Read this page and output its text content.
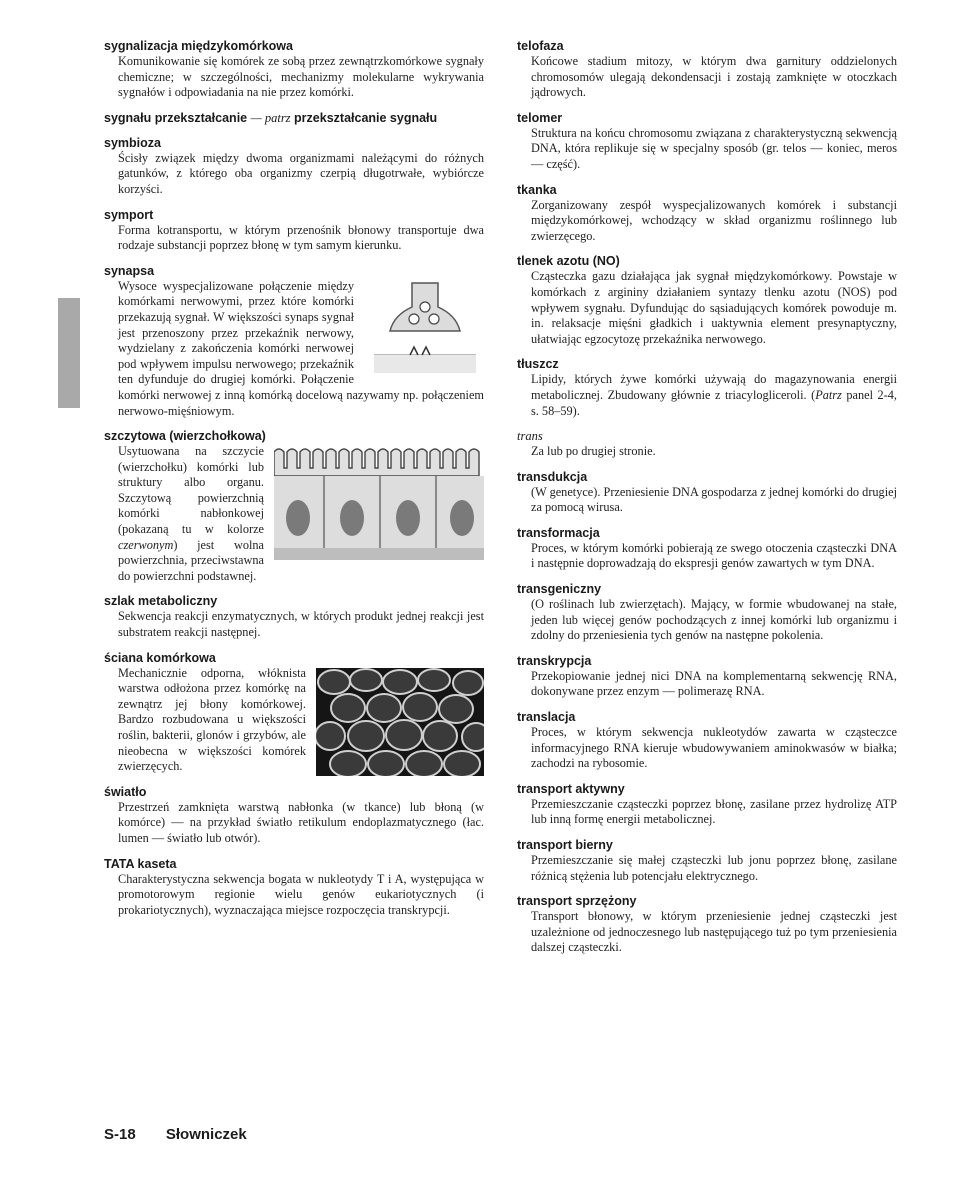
sygnalizacja międzykomórkowa
Komunikowanie się komórek ze sobą przez zewnątrzkomórkowe sygnały chemiczne; w szczególności, mechanizmy molekularne wykrywania sygnałów i odpowiadania na nie przez komórki.
sygnału przekształcanie — patrz przekształcanie sygnału
symbioza
Ścisły związek między dwoma organizmami należącymi do różnych gatunków, z którego oba organizmy czerpią długotrwałe, wybiórcze korzyści.
symport
Forma kotransportu, w którym przenośnik błonowy transportuje dwa rodzaje substancji poprzez błonę w tym samym kierunku.
synapsa
Wysoce wyspecjalizowane połączenie między komórkami nerwowymi, przez które komórki przekazują sygnał. W większości synaps sygnał jest przenoszony przez przekaźnik nerwowy, wydzielany z zakończenia komórki nerwowej pod wpływem impulsu nerwowego; przekaźnik ten dyfunduje do drugiej komórki. Połączenie komórki nerwowej z inną komórką docelową nazywamy np. połączeniem nerwowo-mięśniowym.
szczytowa (wierzchołkowa)
Usytuowana na szczycie (wierzchołku) komórki lub struktury albo organu. Szczytową powierzchnią komórki nabłonkowej (pokazaną tu w kolorze czerwonym) jest wolna powierzchnia, przeciwstawna do powierzchni podstawnej.
szlak metaboliczny
Sekwencja reakcji enzymatycznych, w których produkt jednej reakcji jest substratem reakcji następnej.
ściana komórkowa
Mechanicznie odporna, włóknista warstwa odłożona przez komórkę na zewnątrz jej błony komórkowej. Bardzo rozbudowana u większości roślin, bakterii, glonów i grzybów, ale nieobecna w większości komórek zwierzęcych.
światło
Przestrzeń zamknięta warstwą nabłonka (w tkance) lub błoną (w komórce) — na przykład światło retikulum endoplazmatycznego (łac. lumen — światło lub otwór).
TATA kaseta
Charakterystyczna sekwencja bogata w nukleotydy T i A, występująca w promotorowym regionie wielu genów eukariotycznych (i prokariotycznych), wyznaczająca miejsce rozpoczęcia transkrypcji.
telofaza
Końcowe stadium mitozy, w którym dwa garnitury oddzielonych chromosomów ulegają dekondensacji i zostają zamknięte w otoczkach jądrowych.
telomer
Struktura na końcu chromosomu związana z charakterystyczną sekwencją DNA, która replikuje się w specjalny sposób (gr. telos — koniec, meros — część).
tkanka
Zorganizowany zespół wyspecjalizowanych komórek i substancji międzykomórkowej, wchodzący w skład organizmu roślinnego lub zwierzęcego.
tlenek azotu (NO)
Cząsteczka gazu działająca jak sygnał międzykomórkowy. Powstaje w komórkach z argininy działaniem syntazy tlenku azotu (NOS) pod wpływem sygnału. Dyfundując do sąsiadujących komórek powoduje m. in. relaksacje mięśni gładkich i uaktywnia element presynaptyczny, ułatwiając egzocytozę przekaźnika nerwowego.
tłuszcz
Lipidy, których żywe komórki używają do magazynowania energii metabolicznej. Zbudowany głównie z triacylogliceroli. (Patrz panel 2-4, s. 58–59).
trans
Za lub po drugiej stronie.
transdukcja
(W genetyce). Przeniesienie DNA gospodarza z jednej komórki do drugiej za pomocą wirusa.
transformacja
Proces, w którym komórki pobierają ze swego otoczenia cząsteczki DNA i następnie doprowadzają do ekspresji genów zawartych w tym DNA.
transgeniczny
(O roślinach lub zwierzętach). Mający, w formie wbudowanej na stałe, jeden lub więcej genów pochodzących z innej komórki lub organizmu i zdolny do przeniesienia tych genów na następne pokolenia.
transkrypcja
Przekopiowanie jednej nici DNA na komplementarną sekwencję RNA, dokonywane przez enzym — polimerazę RNA.
translacja
Proces, w którym sekwencja nukleotydów zawarta w cząsteczce informacyjnego RNA kieruje wbudowywaniem aminokwasów w białka; zachodzi na rybosomie.
transport aktywny
Przemieszczanie cząsteczki poprzez błonę, zasilane przez hydrolizę ATP lub inną formę energii metabolicznej.
transport bierny
Przemieszczanie się małej cząsteczki lub jonu poprzez błonę, zasilane różnicą stężenia lub potencjału elektrycznego.
transport sprzężony
Transport błonowy, w którym przeniesienie jednej cząsteczki jest uzależnione od jednoczesnego lub następującego tuż po tym przeniesienia dalszej cząsteczki.
S-18 Słowniczek
